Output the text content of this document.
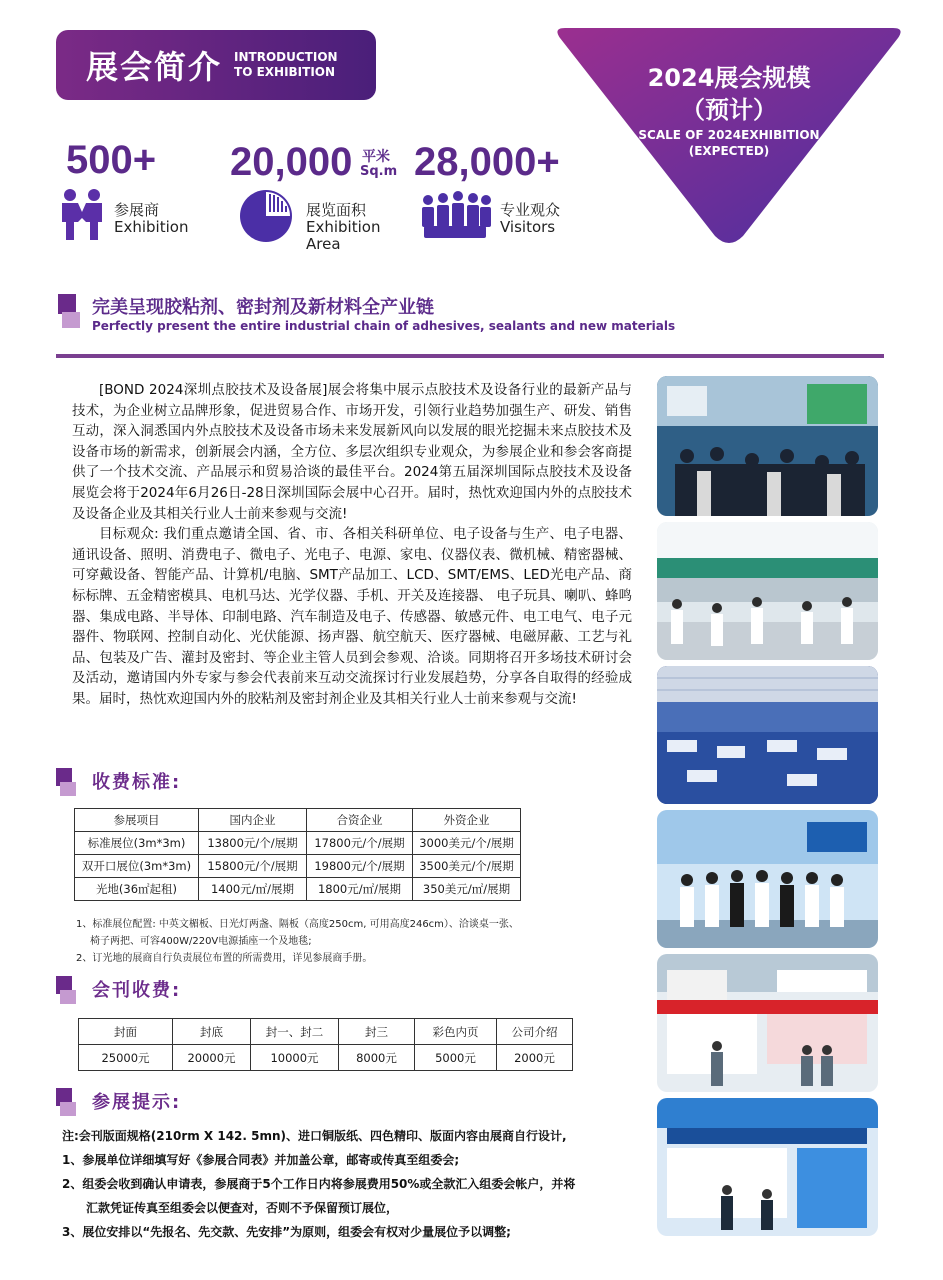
展会简介 INTRODUCTION
TO EXHIBITION	2024展会规模
（预计）
SCALE OF 2024EXHIBITION
(EXPECTED)
500+ 20,000 平米
Sq.m 28,000+
参展商
Exhibition
展览面积
Exhibition
Area
专业观众
Visitors
完美呈现胶粘剂、密封剂及新材料全产业链
Perfectly present the entire industrial chain of adhesives, sealants and new materials

[BOND 2024深圳点胶技术及设备展]展会将集中展示点胶技术及设备行业的最新产品与技术，为企业树立品牌形象，促进贸易合作、市场开发，引领行业趋势加强生产、研发、销售互动，深入洞悉国内外点胶技术及设备市场未来发展新风向以发展的眼光挖掘未来点胶技术及设备市场的新需求，创新展会内涵，全方位、多层次组织专业观众，为参展企业和参会客商提供了一个技术交流、产品展示和贸易洽谈的最佳平台。2024第五届深圳国际点胶技术及设备展览会将于2024年6月26日-28日深圳国际会展中心召开。届时，热忱欢迎国内外的点胶技术及设备企业及其相关行业人士前来参观与交流!

目标观众: 我们重点邀请全国、省、市、各相关科研单位、电子设备与生产、电子电器、通讯设备、照明、消费电子、微电子、光电子、电源、家电、仪器仪表、微机械、精密器械、可穿戴设备、智能产品、计算机/电脑、SMT产品加工、LCD、SMT/EMS、LED光电产品、商标标牌、五金精密模具、电机马达、光学仪器、手机、开关及连接器、 电子玩具、喇叭、蜂鸣器、集成电路、半导体、印制电路、汽车制造及电子、传感器、敏感元件、电工电气、电子元器件、物联网、控制自动化、光伏能源、扬声器、航空航天、医疗器械、电磁屏蔽、工艺与礼品、包装及广告、灌封及密封、等企业主管人员到会参观、洽谈。同期将召开多场技术研讨会及活动，邀请国内外专家与参会代表前来互动交流探讨行业发展趋势，分享各自取得的经验成果。届时，热忱欢迎国内外的胶粘剂及密封剂企业及其相关行业人士前来参观与交流!

收费标准:
参展项目	国内企业	合资企业	外资企业
标准展位(3m*3m)	13800元/个/展期	17800元/个/展期	3000美元/个/展期
双开口展位(3m*3m)	15800元/个/展期	19800元/个/展期	3500美元/个/展期
光地(36㎡起租)	1400元/㎡/展期	1800元/㎡/展期	350美元/㎡/展期
1、标准展位配置: 中英文楣板、日光灯两盏、隔板（高度250cm, 可用高度246cm）、洽谈桌一张、
椅子两把、可容400W/220V电源插座一个及地毯;
2、订光地的展商自行负责展位布置的所需费用，详见参展商手册。
会刊收费:
封面	封底	封一、封二	封三	彩色内页	公司介绍
25000元	20000元	10000元	8000元	5000元	2000元
参展提示:
注:会刊版面规格(210rm X 142. 5mn)、进口铜版纸、四色精印、版面内容由展商自行设计,
1、参展单位详细填写好《参展合同表》并加盖公章，邮寄或传真至组委会;
2、组委会收到确认申请表，参展商于5个工作日内将参展费用50%或全款汇入组委会帐户，并将
汇款凭证传真至组委会以便查对，否则不予保留预订展位，
3、展位安排以“先报名、先交款、先安排”为原则，组委会有权对少量展位予以调整;
